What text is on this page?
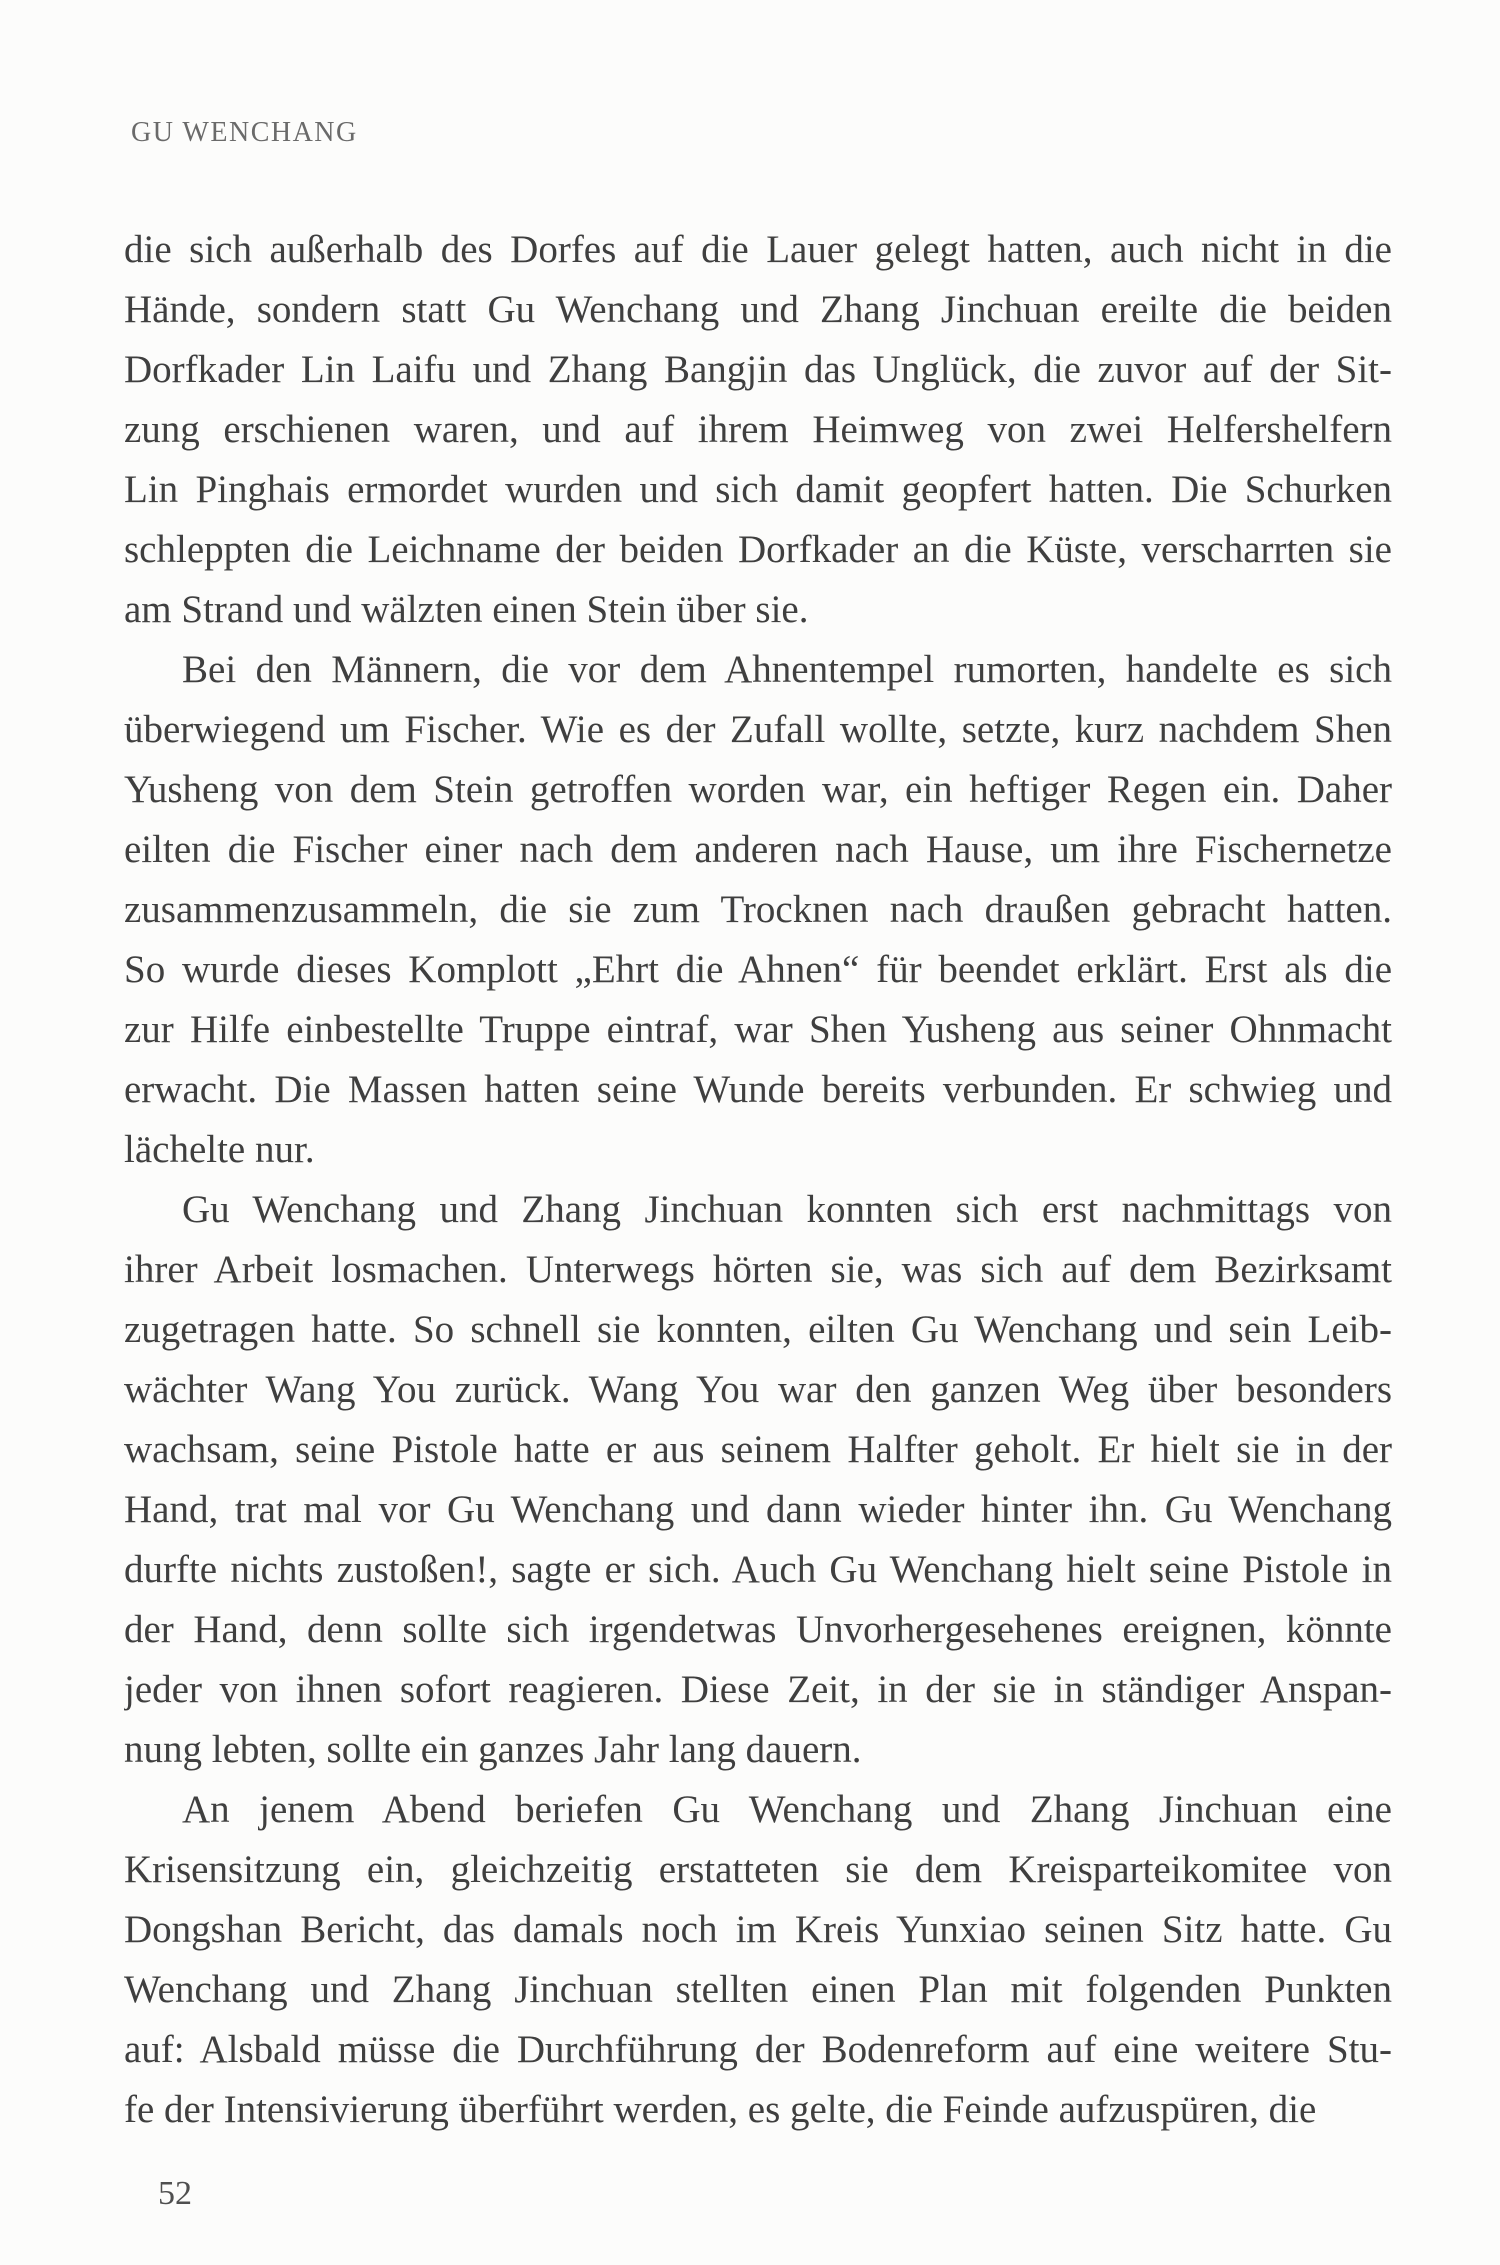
GU WENCHANG
die sich außerhalb des Dorfes auf die Lauer gelegt hatten, auch nicht in die
Hände, sondern statt Gu Wenchang und Zhang Jinchuan ereilte die beiden
Dorfkader Lin Laifu und Zhang Bangjin das Unglück, die zuvor auf der Sit-
zung erschienen waren, und auf ihrem Heimweg von zwei Helfershelfern
Lin Pinghais ermordet wurden und sich damit geopfert hatten. Die Schurken
schleppten die Leichname der beiden Dorfkader an die Küste, verscharrten sie
am Strand und wälzten einen Stein über sie.
Bei den Männern, die vor dem Ahnentempel rumorten, handelte es sich
überwiegend um Fischer. Wie es der Zufall wollte, setzte, kurz nachdem Shen
Yusheng von dem Stein getroffen worden war, ein heftiger Regen ein. Daher
eilten die Fischer einer nach dem anderen nach Hause, um ihre Fischernetze
zusammenzusammeln, die sie zum Trocknen nach draußen gebracht hatten.
So wurde dieses Komplott „Ehrt die Ahnen“ für beendet erklärt. Erst als die
zur Hilfe einbestellte Truppe eintraf, war Shen Yusheng aus seiner Ohnmacht
erwacht. Die Massen hatten seine Wunde bereits verbunden. Er schwieg und
lächelte nur.
Gu Wenchang und Zhang Jinchuan konnten sich erst nachmittags von
ihrer Arbeit losmachen. Unterwegs hörten sie, was sich auf dem Bezirksamt
zugetragen hatte. So schnell sie konnten, eilten Gu Wenchang und sein Leib-
wächter Wang You zurück. Wang You war den ganzen Weg über besonders
wachsam, seine Pistole hatte er aus seinem Halfter geholt. Er hielt sie in der
Hand, trat mal vor Gu Wenchang und dann wieder hinter ihn. Gu Wenchang
durfte nichts zustoßen!, sagte er sich. Auch Gu Wenchang hielt seine Pistole in
der Hand, denn sollte sich irgendetwas Unvorhergesehenes ereignen, könnte
jeder von ihnen sofort reagieren. Diese Zeit, in der sie in ständiger Anspan-
nung lebten, sollte ein ganzes Jahr lang dauern.
An jenem Abend beriefen Gu Wenchang und Zhang Jinchuan eine
Krisensitzung ein, gleichzeitig erstatteten sie dem Kreisparteikomitee von
Dongshan Bericht, das damals noch im Kreis Yunxiao seinen Sitz hatte. Gu
Wenchang und Zhang Jinchuan stellten einen Plan mit folgenden Punkten
auf: Alsbald müsse die Durchführung der Bodenreform auf eine weitere Stu-
fe der Intensivierung überführt werden, es gelte, die Feinde aufzuspüren, die
52
